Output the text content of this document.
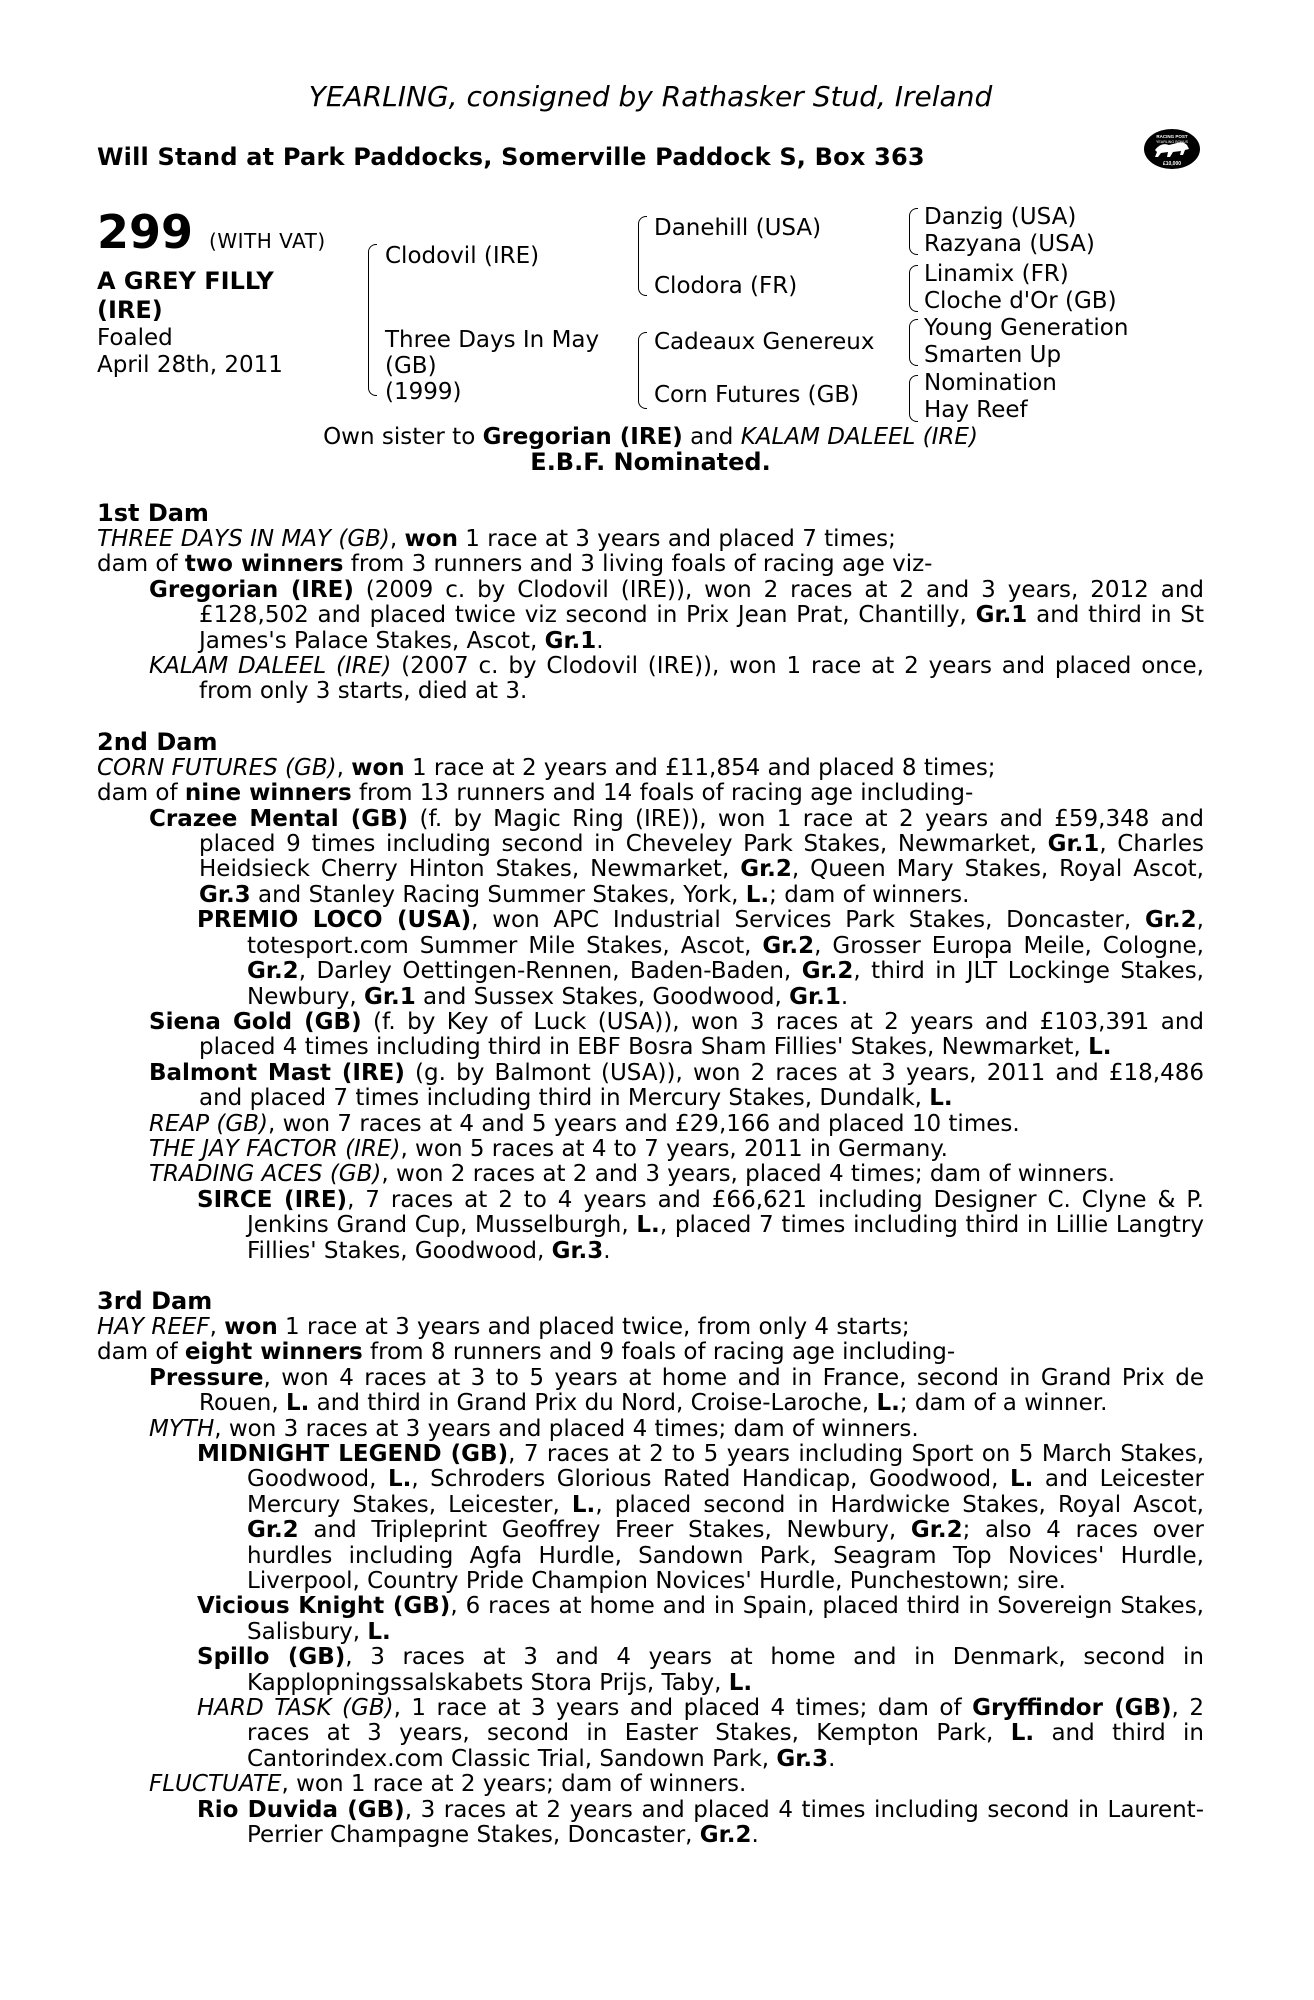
YEARLING, consigned by Rathasker Stud, Ireland
Will Stand at Park Paddocks, Somerville Paddock S, Box 363
RACING POST
YEARLING BONUS
£10,000
299 (WITH VAT)
A GREY FILLY
(IRE)
Foaled
April 28th, 2011
Clodovil (IRE)
Three Days In May
(GB)
(1999)
Danehill (USA)
Clodora (FR)
Cadeaux Genereux
Corn Futures (GB)
Danzig (USA)
Razyana (USA)
Linamix (FR)
Cloche d'Or (GB)
Young Generation
Smarten Up
Nomination
Hay Reef
Own sister to Gregorian (IRE) and KALAM DALEEL (IRE)
E.B.F. Nominated.
1st Dam
THREE DAYS IN MAY (GB), won 1 race at 3 years and placed 7 times;
dam of two winners from 3 runners and 3 living foals of racing age viz-
Gregorian (IRE) (2009 c. by Clodovil (IRE)), won 2 races at 2 and 3 years, 2012 and £128,502 and placed twice viz second in Prix Jean Prat, Chantilly, Gr.1 and third in St James's Palace Stakes, Ascot, Gr.1.
KALAM DALEEL (IRE) (2007 c. by Clodovil (IRE)), won 1 race at 2 years and placed once, from only 3 starts, died at 3.
2nd Dam
CORN FUTURES (GB), won 1 race at 2 years and £11,854 and placed 8 times;
dam of nine winners from 13 runners and 14 foals of racing age including-
Crazee Mental (GB) (f. by Magic Ring (IRE)), won 1 race at 2 years and £59,348 and placed 9 times including second in Cheveley Park Stakes, Newmarket, Gr.1, Charles Heidsieck Cherry Hinton Stakes, Newmarket, Gr.2, Queen Mary Stakes, Royal Ascot, Gr.3 and Stanley Racing Summer Stakes, York, L.; dam of winners.
PREMIO LOCO (USA), won APC Industrial Services Park Stakes, Doncaster, Gr.2, totesport.com Summer Mile Stakes, Ascot, Gr.2, Grosser Europa Meile, Cologne, Gr.2, Darley Oettingen-Rennen, Baden-Baden, Gr.2, third in JLT Lockinge Stakes, Newbury, Gr.1 and Sussex Stakes, Goodwood, Gr.1.
Siena Gold (GB) (f. by Key of Luck (USA)), won 3 races at 2 years and £103,391 and placed 4 times including third in EBF Bosra Sham Fillies' Stakes, Newmarket, L.
Balmont Mast (IRE) (g. by Balmont (USA)), won 2 races at 3 years, 2011 and £18,486 and placed 7 times including third in Mercury Stakes, Dundalk, L.
REAP (GB), won 7 races at 4 and 5 years and £29,166 and placed 10 times.
THE JAY FACTOR (IRE), won 5 races at 4 to 7 years, 2011 in Germany.
TRADING ACES (GB), won 2 races at 2 and 3 years, placed 4 times; dam of winners.
SIRCE (IRE), 7 races at 2 to 4 years and £66,621 including Designer C. Clyne & P. Jenkins Grand Cup, Musselburgh, L., placed 7 times including third in Lillie Langtry Fillies' Stakes, Goodwood, Gr.3.
3rd Dam
HAY REEF, won 1 race at 3 years and placed twice, from only 4 starts;
dam of eight winners from 8 runners and 9 foals of racing age including-
Pressure, won 4 races at 3 to 5 years at home and in France, second in Grand Prix de Rouen, L. and third in Grand Prix du Nord, Croise-Laroche, L.; dam of a winner.
MYTH, won 3 races at 3 years and placed 4 times; dam of winners.
MIDNIGHT LEGEND (GB), 7 races at 2 to 5 years including Sport on 5 March Stakes, Goodwood, L., Schroders Glorious Rated Handicap, Goodwood, L. and Leicester Mercury Stakes, Leicester, L., placed second in Hardwicke Stakes, Royal Ascot, Gr.2 and Tripleprint Geoffrey Freer Stakes, Newbury, Gr.2; also 4 races over hurdles including Agfa Hurdle, Sandown Park, Seagram Top Novices' Hurdle, Liverpool, Country Pride Champion Novices' Hurdle, Punchestown; sire.
Vicious Knight (GB), 6 races at home and in Spain, placed third in Sovereign Stakes, Salisbury, L.
Spillo (GB), 3 races at 3 and 4 years at home and in Denmark, second in Kapplopningssalskabets Stora Prijs, Taby, L.
HARD TASK (GB), 1 race at 3 years and placed 4 times; dam of Gryffindor (GB), 2 races at 3 years, second in Easter Stakes, Kempton Park, L. and third in Cantorindex.com Classic Trial, Sandown Park, Gr.3.
FLUCTUATE, won 1 race at 2 years; dam of winners.
Rio Duvida (GB), 3 races at 2 years and placed 4 times including second in Laurent-Perrier Champagne Stakes, Doncaster, Gr.2.
